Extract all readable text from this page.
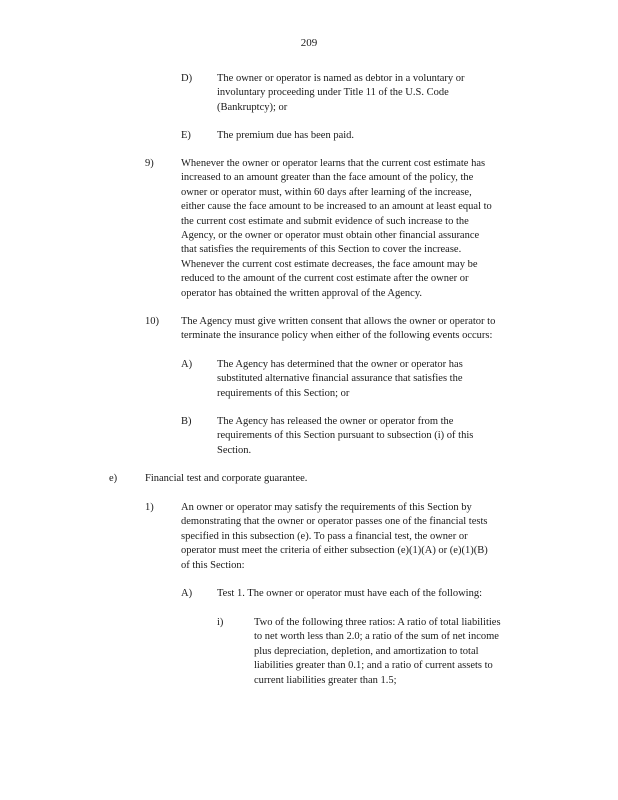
209
D) The owner or operator is named as debtor in a voluntary or
involuntary proceeding under Title 11 of the U.S. Code
(Bankruptcy); or
E) The premium due has been paid.
9)	Whenever the owner or operator learns that the current cost estimate has
increased to an amount greater than the face amount of the policy, the
owner or operator must, within 60 days after learning of the increase,
either cause the face amount to be increased to an amount at least equal to
the current cost estimate and submit evidence of such increase to the
Agency, or the owner or operator must obtain other financial assurance
that satisfies the requirements of this Section to cover the increase.
Whenever the current cost estimate decreases, the face amount may be
reduced to the amount of the current cost estimate after the owner or
operator has obtained the written approval of the Agency.
10) The Agency must give written consent that allows the owner or operator to
terminate the insurance policy when either of the following events occurs:
A) The Agency has determined that the owner or operator has
substituted alternative financial assurance that satisfies the
requirements of this Section; or
B) The Agency has released the owner or operator from the
requirements of this Section pursuant to subsection (i) of this
Section.
e)	Financial test and corporate guarantee.
1)	An owner or operator may satisfy the requirements of this Section by
demonstrating that the owner or operator passes one of the financial tests
specified in this subsection (e). To pass a financial test, the owner or
operator must meet the criteria of either subsection (e)(1)(A) or (e)(1)(B)
of this Section:
A) Test 1. The owner or operator must have each of the following:
i)	Two of the following three ratios: A ratio of total liabilities
to net worth less than 2.0; a ratio of the sum of net income
plus depreciation, depletion, and amortization to total
liabilities greater than 0.1; and a ratio of current assets to
current liabilities greater than 1.5;
